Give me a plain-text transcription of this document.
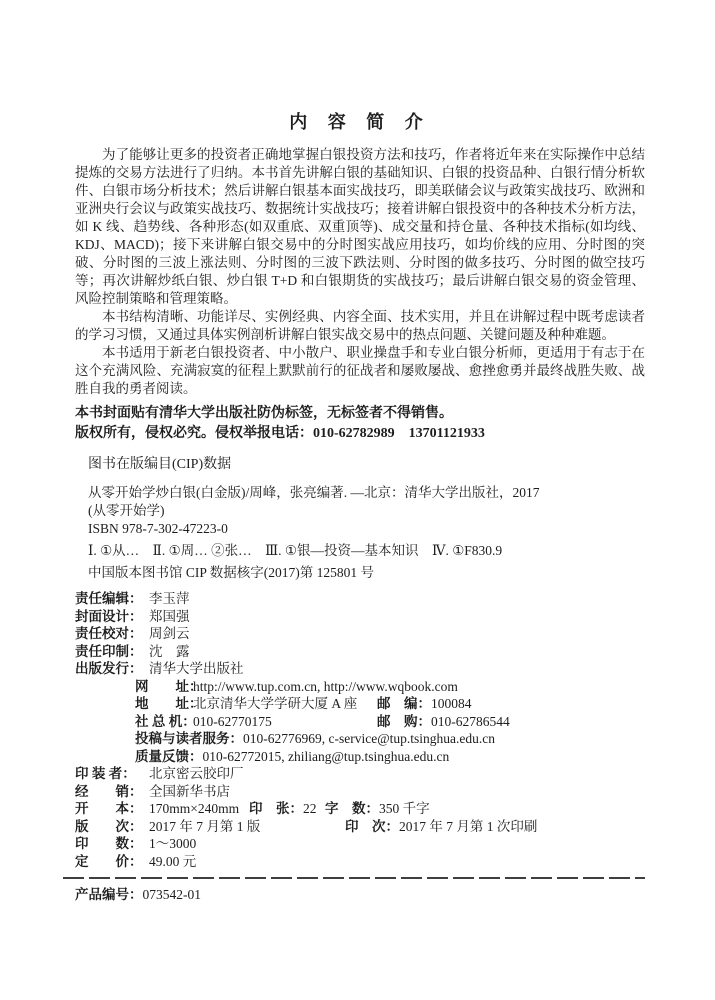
内 容 简 介

为了能够让更多的投资者正确地掌握白银投资方法和技巧，作者将近年来在实际操作中总结提炼的交易方法进行了归纳。本书首先讲解白银的基础知识、白银的投资品种、白银行情分析软件、白银市场分析技术；然后讲解白银基本面实战技巧，即美联储会议与政策实战技巧、欧洲和亚洲央行会议与政策实战技巧、数据统计实战技巧；接着讲解白银投资中的各种技术分析方法，如 K 线、趋势线、各种形态(如双重底、双重顶等)、成交量和持仓量、各种技术指标(如均线、KDJ、MACD)；接下来讲解白银交易中的分时图实战应用技巧，如均价线的应用、分时图的突破、分时图的三波上涨法则、分时图的三波下跌法则、分时图的做多技巧、分时图的做空技巧等；再次讲解炒纸白银、炒白银 T+D 和白银期货的实战技巧；最后讲解白银交易的资金管理、风险控制策略和管理策略。

本书结构清晰、功能详尽、实例经典、内容全面、技术实用，并且在讲解过程中既考虑读者的学习习惯，又通过具体实例剖析讲解白银实战交易中的热点问题、关键问题及种种难题。

本书适用于新老白银投资者、中小散户、职业操盘手和专业白银分析师，更适用于有志于在这个充满风险、充满寂寞的征程上默默前行的征战者和屡败屡战、愈挫愈勇并最终战胜失败、战胜自我的勇者阅读。

本书封面贴有清华大学出版社防伪标签，无标签者不得销售。

版权所有，侵权必究。侵权举报电话：010-62782989　13701121933

图书在版编目(CIP)数据

从零开始学炒白银(白金版)/周峰，张亮编著. —北京：清华大学出版社，2017

(从零开始学)

ISBN 978-7-302-47223-0

Ⅰ. ①从…　Ⅱ. ①周… ②张…　Ⅲ. ①银—投资—基本知识　Ⅳ. ①F830.9

中国版本图书馆 CIP 数据核字(2017)第 125801 号

责任编辑： 李玉萍
封面设计： 郑国强
责任校对： 周剑云
责任印制： 沈　露
出版发行： 清华大学出版社
网　　址：http://www.tup.com.cn, http://www.wqbook.com
地　　址：北京清华大学学研大厦 A 座 邮　编：100084
社 总 机：010-62770175	邮　购：010-62786544
投稿与读者服务：010-62776969, c-service@tup.tsinghua.edu.cn
质量反馈：010-62772015, zhiliang@tup.tsinghua.edu.cn
印 装 者： 北京密云胶印厂
经　　销： 全国新华书店
开　　本： 170mm×240mm 印　张：22 字　数：350 千字
版　　次： 2017 年 7 月第 1 版	印　次：2017 年 7 月第 1 次印刷
印　　数： 1～3000
定　　价： 49.00 元

产品编号：073542-01
